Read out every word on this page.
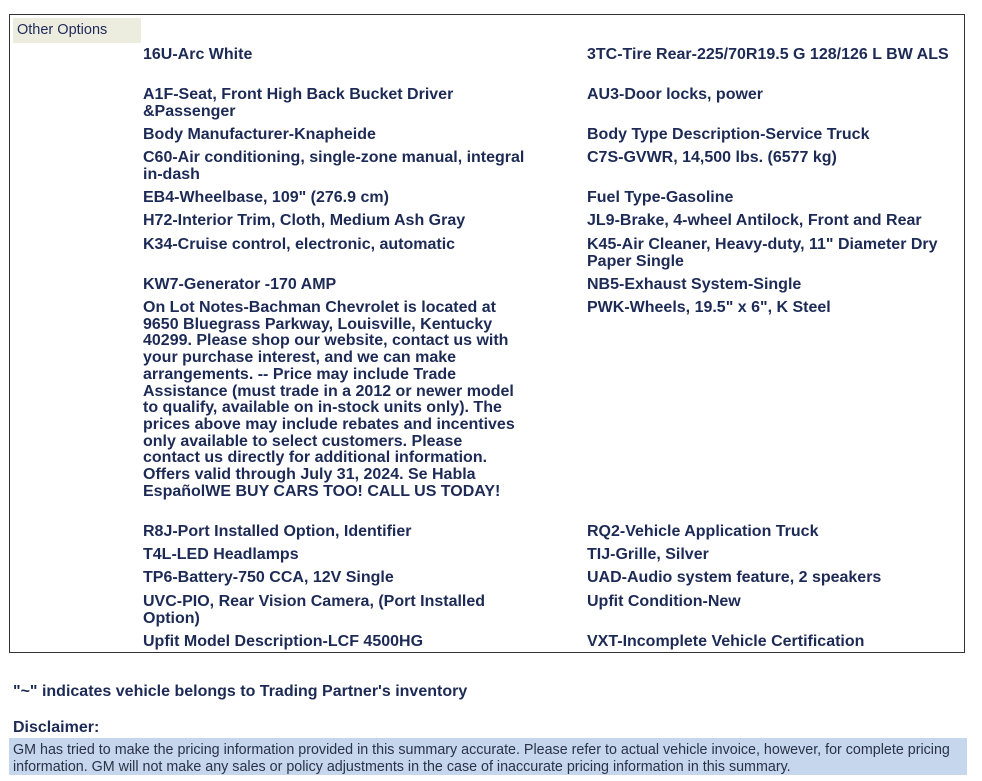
Other Options
16U-Arc White
A1F-Seat, Front High Back Bucket Driver &Passenger
Body Manufacturer-Knapheide
C60-Air conditioning, single-zone manual, integral in-dash
EB4-Wheelbase, 109" (276.9 cm)
H72-Interior Trim, Cloth, Medium Ash Gray
K34-Cruise control, electronic, automatic
KW7-Generator -170 AMP
On Lot Notes-Bachman Chevrolet is located at 9650 Bluegrass Parkway, Louisville, Kentucky 40299. Please shop our website, contact us with your purchase interest, and we can make arrangements. -- Price may include Trade Assistance (must trade in a 2012 or newer model to qualify, available on in-stock units only). The prices above may include rebates and incentives only available to select customers. Please contact us directly for additional information. Offers valid through July 31, 2024. Se Habla EspañolWE BUY CARS TOO! CALL US TODAY!
R8J-Port Installed Option, Identifier
T4L-LED Headlamps
TP6-Battery-750 CCA, 12V Single
UVC-PIO, Rear Vision Camera, (Port Installed Option)
Upfit Model Description-LCF 4500HG
3TC-Tire Rear-225/70R19.5 G 128/126 L BW ALS
AU3-Door locks, power
Body Type Description-Service Truck
C7S-GVWR, 14,500 lbs. (6577 kg)
Fuel Type-Gasoline
JL9-Brake, 4-wheel Antilock, Front and Rear
K45-Air Cleaner, Heavy-duty, 11" Diameter Dry Paper Single
NB5-Exhaust System-Single
PWK-Wheels, 19.5" x 6", K Steel
RQ2-Vehicle Application Truck
TIJ-Grille, Silver
UAD-Audio system feature, 2 speakers
Upfit Condition-New
VXT-Incomplete Vehicle Certification
"~" indicates vehicle belongs to Trading Partner's inventory
Disclaimer:
GM has tried to make the pricing information provided in this summary accurate. Please refer to actual vehicle invoice, however, for complete pricing information. GM will not make any sales or policy adjustments in the case of inaccurate pricing information in this summary.
